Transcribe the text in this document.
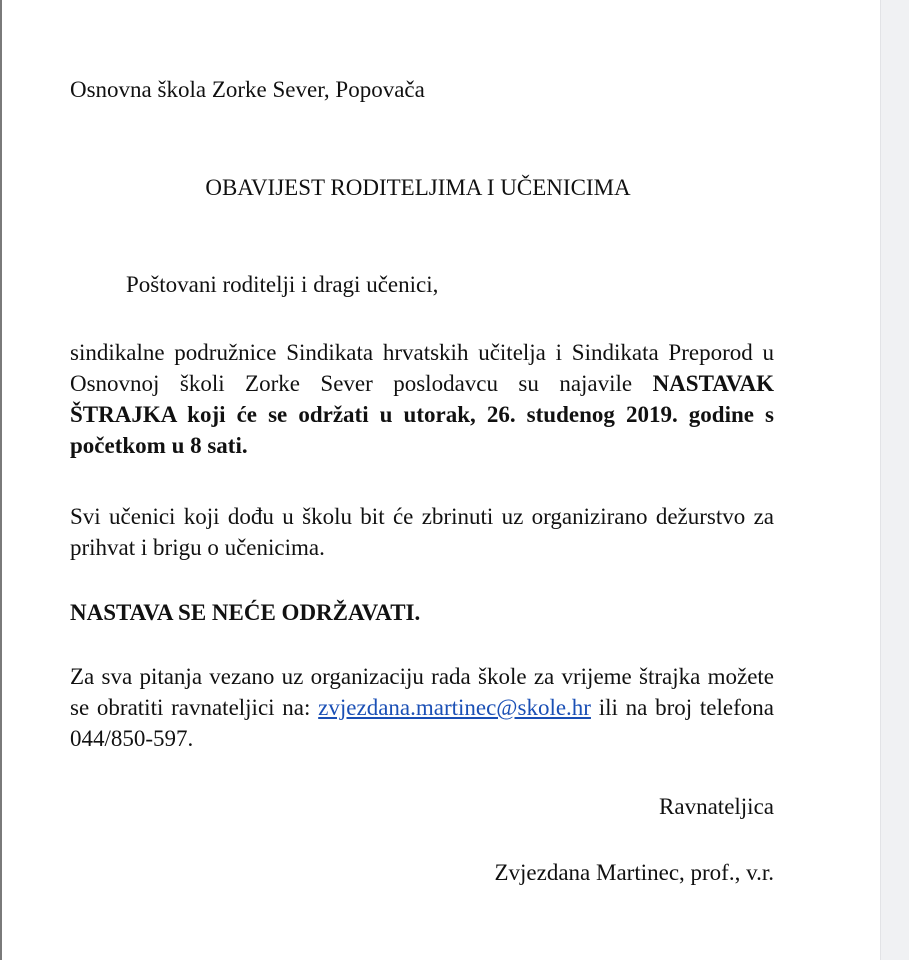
Osnovna škola Zorke Sever, Popovača
OBAVIJEST RODITELJIMA I UČENICIMA
Poštovani roditelji i dragi učenici,

sindikalne podružnice Sindikata hrvatskih učitelja i Sindikata Preporod u Osnovnoj školi Zorke Sever poslodavcu su najavile NASTAVAK ŠTRAJKA koji će se održati u utorak, 26. studenog 2019. godine s početkom u 8 sati.

Svi učenici koji dođu u školu bit će zbrinuti uz organizirano dežurstvo za prihvat i brigu o učenicima.

NASTAVA SE NEĆE ODRŽAVATI.

Za sva pitanja vezano uz organizaciju rada škole za vrijeme štrajka možete se obratiti ravnateljici na: zvjezdana.martinec@skole.hr ili na broj telefona 044/850-597.

Ravnateljica
Zvjezdana Martinec, prof., v.r.
